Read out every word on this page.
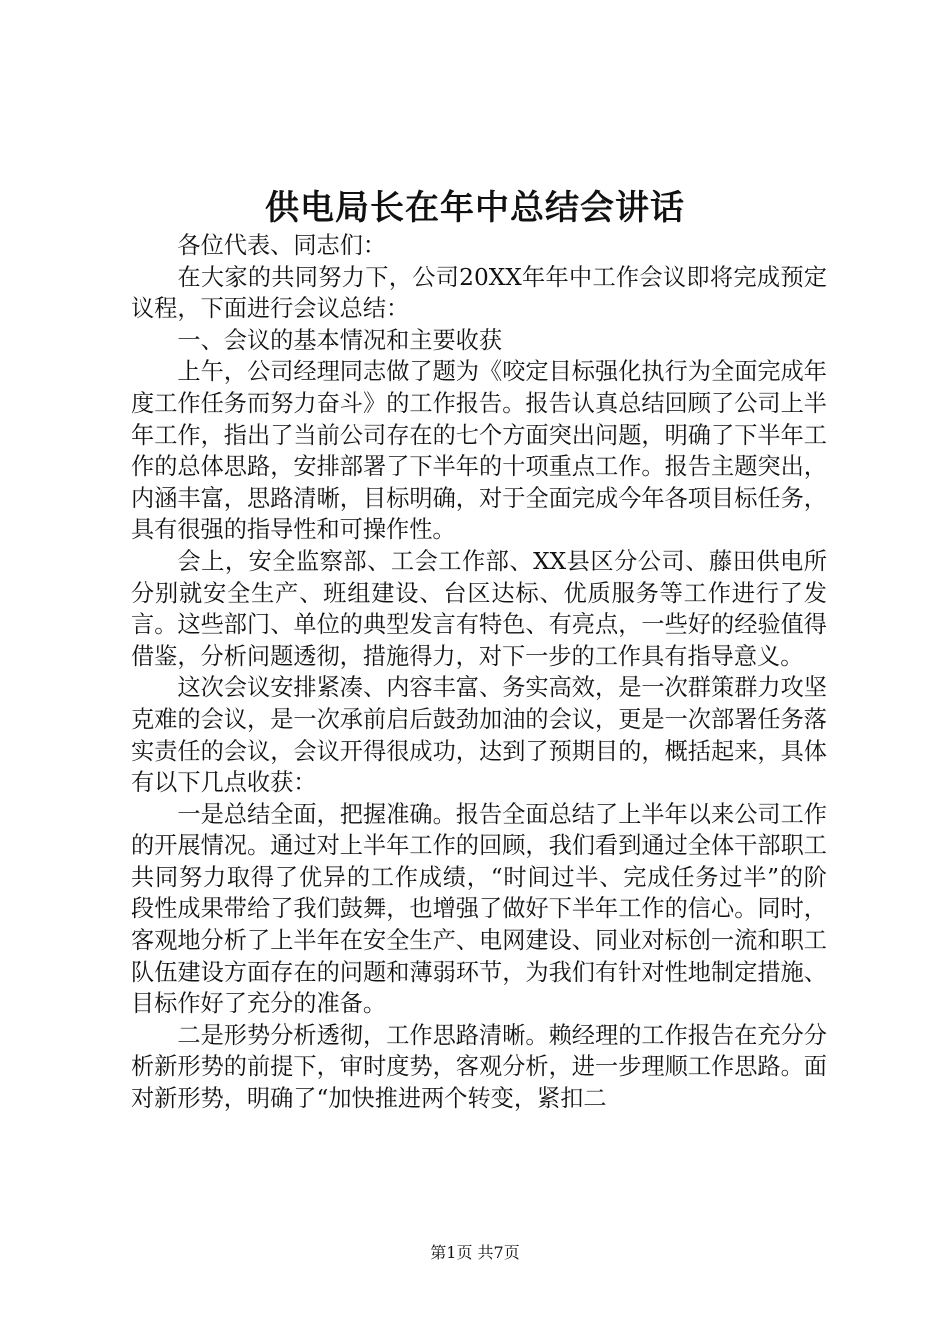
供电局长在年中总结会讲话

各位代表、同志们：

在大家的共同努力下，公司20XX年年中工作会议即将完成预定议程，下面进行会议总结：

一、会议的基本情况和主要收获

上午，公司经理同志做了题为《咬定目标强化执行为全面完成年度工作任务而努力奋斗》的工作报告。报告认真总结回顾了公司上半年工作，指出了当前公司存在的七个方面突出问题，明确了下半年工作的总体思路，安排部署了下半年的十项重点工作。报告主题突出，内涵丰富，思路清晰，目标明确，对于全面完成今年各项目标任务，具有很强的指导性和可操作性。

会上，安全监察部、工会工作部、XX县区分公司、藤田供电所分别就安全生产、班组建设、台区达标、优质服务等工作进行了发言。这些部门、单位的典型发言有特色、有亮点，一些好的经验值得借鉴，分析问题透彻，措施得力，对下一步的工作具有指导意义。

这次会议安排紧凑、内容丰富、务实高效，是一次群策群力攻坚克难的会议，是一次承前启后鼓劲加油的会议，更是一次部署任务落实责任的会议，会议开得很成功，达到了预期目的，概括起来，具体有以下几点收获：

一是总结全面，把握准确。报告全面总结了上半年以来公司工作的开展情况。通过对上半年工作的回顾，我们看到通过全体干部职工共同努力取得了优异的工作成绩，“时间过半、完成任务过半”的阶段性成果带给了我们鼓舞，也增强了做好下半年工作的信心。同时，客观地分析了上半年在安全生产、电网建设、同业对标创一流和职工队伍建设方面存在的问题和薄弱环节，为我们有针对性地制定措施、目标作好了充分的准备。

二是形势分析透彻，工作思路清晰。赖经理的工作报告在充分分析新形势的前提下，审时度势，客观分析，进一步理顺工作思路。面对新形势，明确了“加快推进两个转变，紧扣二

第1页 共7页
